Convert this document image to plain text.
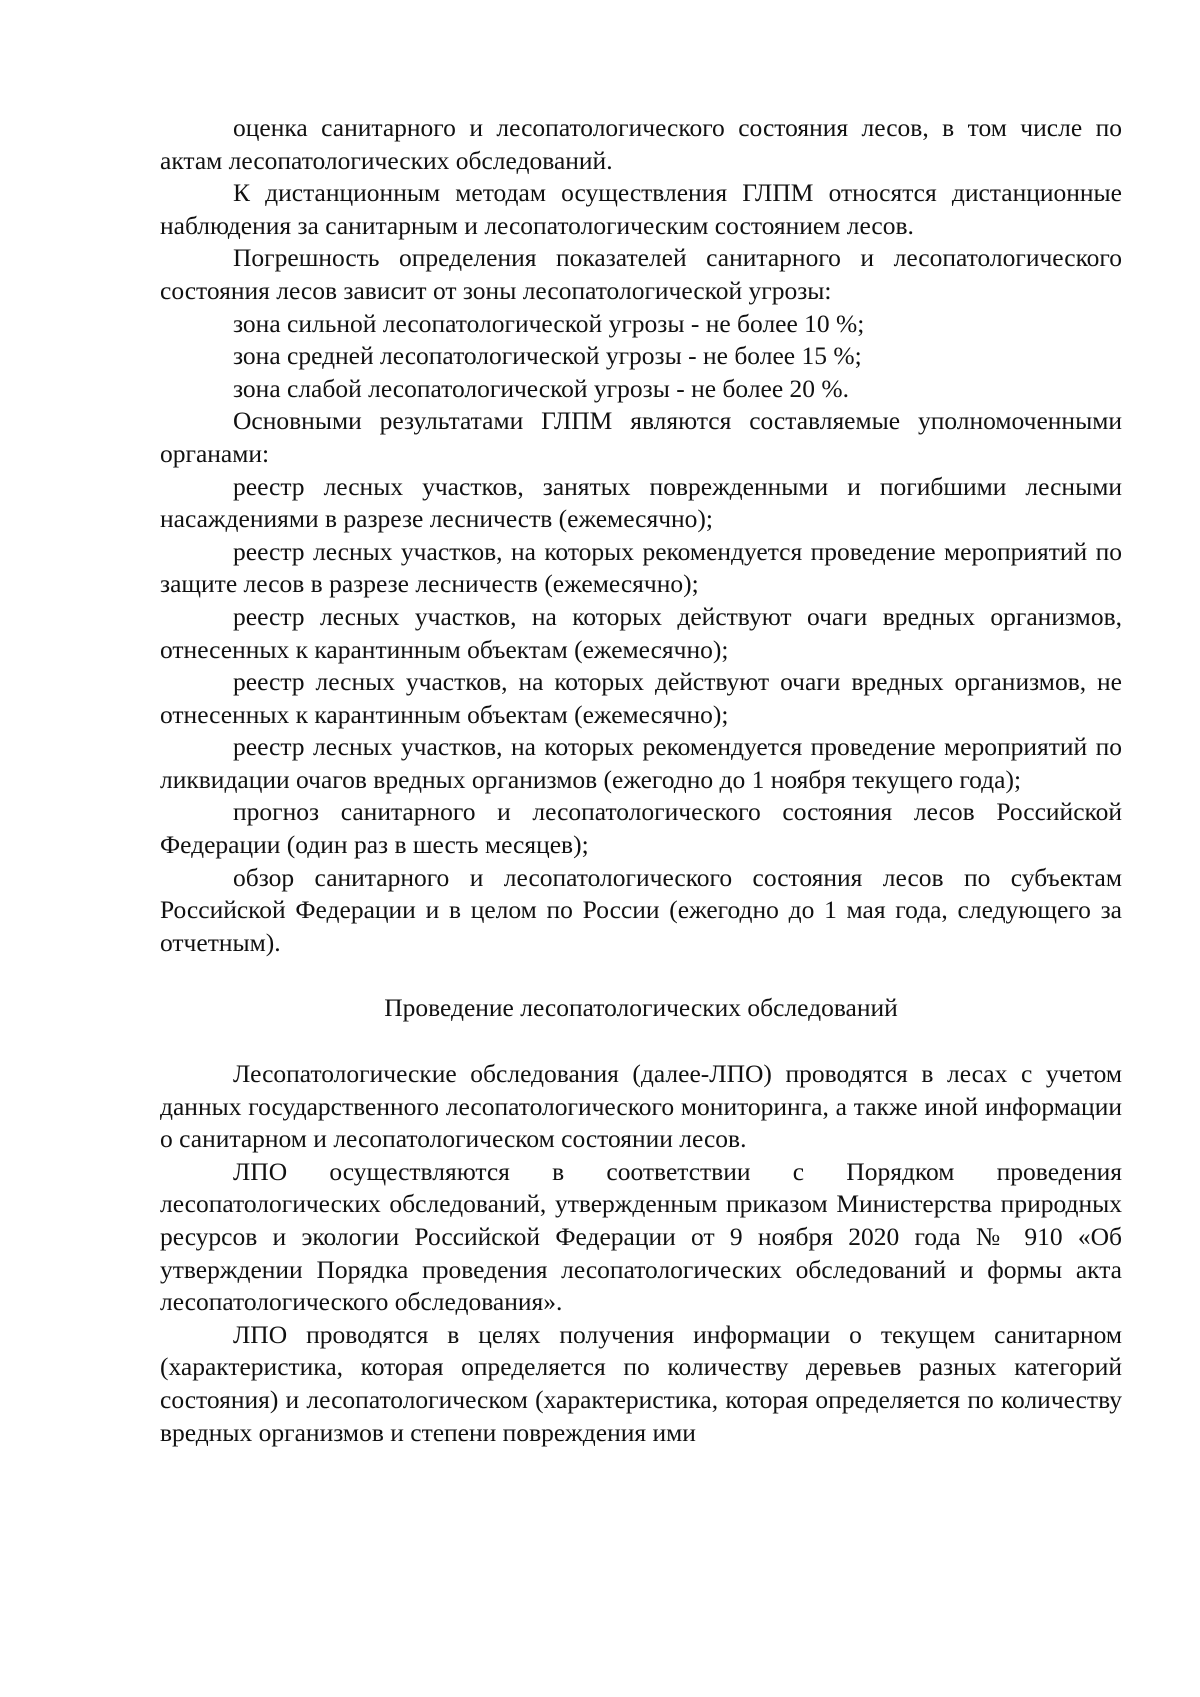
оценка санитарного и лесопатологического состояния лесов, в том числе по актам лесопатологических обследований.

К дистанционным методам осуществления ГЛПМ относятся дистанционные наблюдения за санитарным и лесопатологическим состоянием лесов.

Погрешность определения показателей санитарного и лесопатологического состояния лесов зависит от зоны лесопатологической угрозы:

зона сильной лесопатологической угрозы - не более 10 %;

зона средней лесопатологической угрозы - не более 15 %;

зона слабой лесопатологической угрозы - не более 20 %.

Основными результатами ГЛПМ являются составляемые уполномоченными органами:

реестр лесных участков, занятых поврежденными и погибшими лесными насаждениями в разрезе лесничеств (ежемесячно);

реестр лесных участков, на которых рекомендуется проведение мероприятий по защите лесов в разрезе лесничеств (ежемесячно);

реестр лесных участков, на которых действуют очаги вредных организмов, отнесенных к карантинным объектам (ежемесячно);

реестр лесных участков, на которых действуют очаги вредных организмов, не отнесенных к карантинным объектам (ежемесячно);

реестр лесных участков, на которых рекомендуется проведение мероприятий по ликвидации очагов вредных организмов (ежегодно до 1 ноября текущего года);

прогноз санитарного и лесопатологического состояния лесов Российской Федерации (один раз в шесть месяцев);

обзор санитарного и лесопатологического состояния лесов по субъектам Российской Федерации и в целом по России (ежегодно до 1 мая года, следующего за отчетным).

Проведение лесопатологических обследований

Лесопатологические обследования (далее-ЛПО) проводятся в лесах с учетом данных государственного лесопатологического мониторинга, а также иной информации о санитарном и лесопатологическом состоянии лесов.

ЛПО осуществляются в соответствии с Порядком проведения лесопатологических обследований, утвержденным приказом Министерства природных ресурсов и экологии Российской Федерации от 9 ноября 2020 года № 910 «Об утверждении Порядка проведения лесопатологических обследований и формы акта лесопатологического обследования».

ЛПО проводятся в целях получения информации о текущем санитарном (характеристика, которая определяется по количеству деревьев разных категорий состояния) и лесопатологическом (характеристика, которая определяется по количеству вредных организмов и степени повреждения ими
